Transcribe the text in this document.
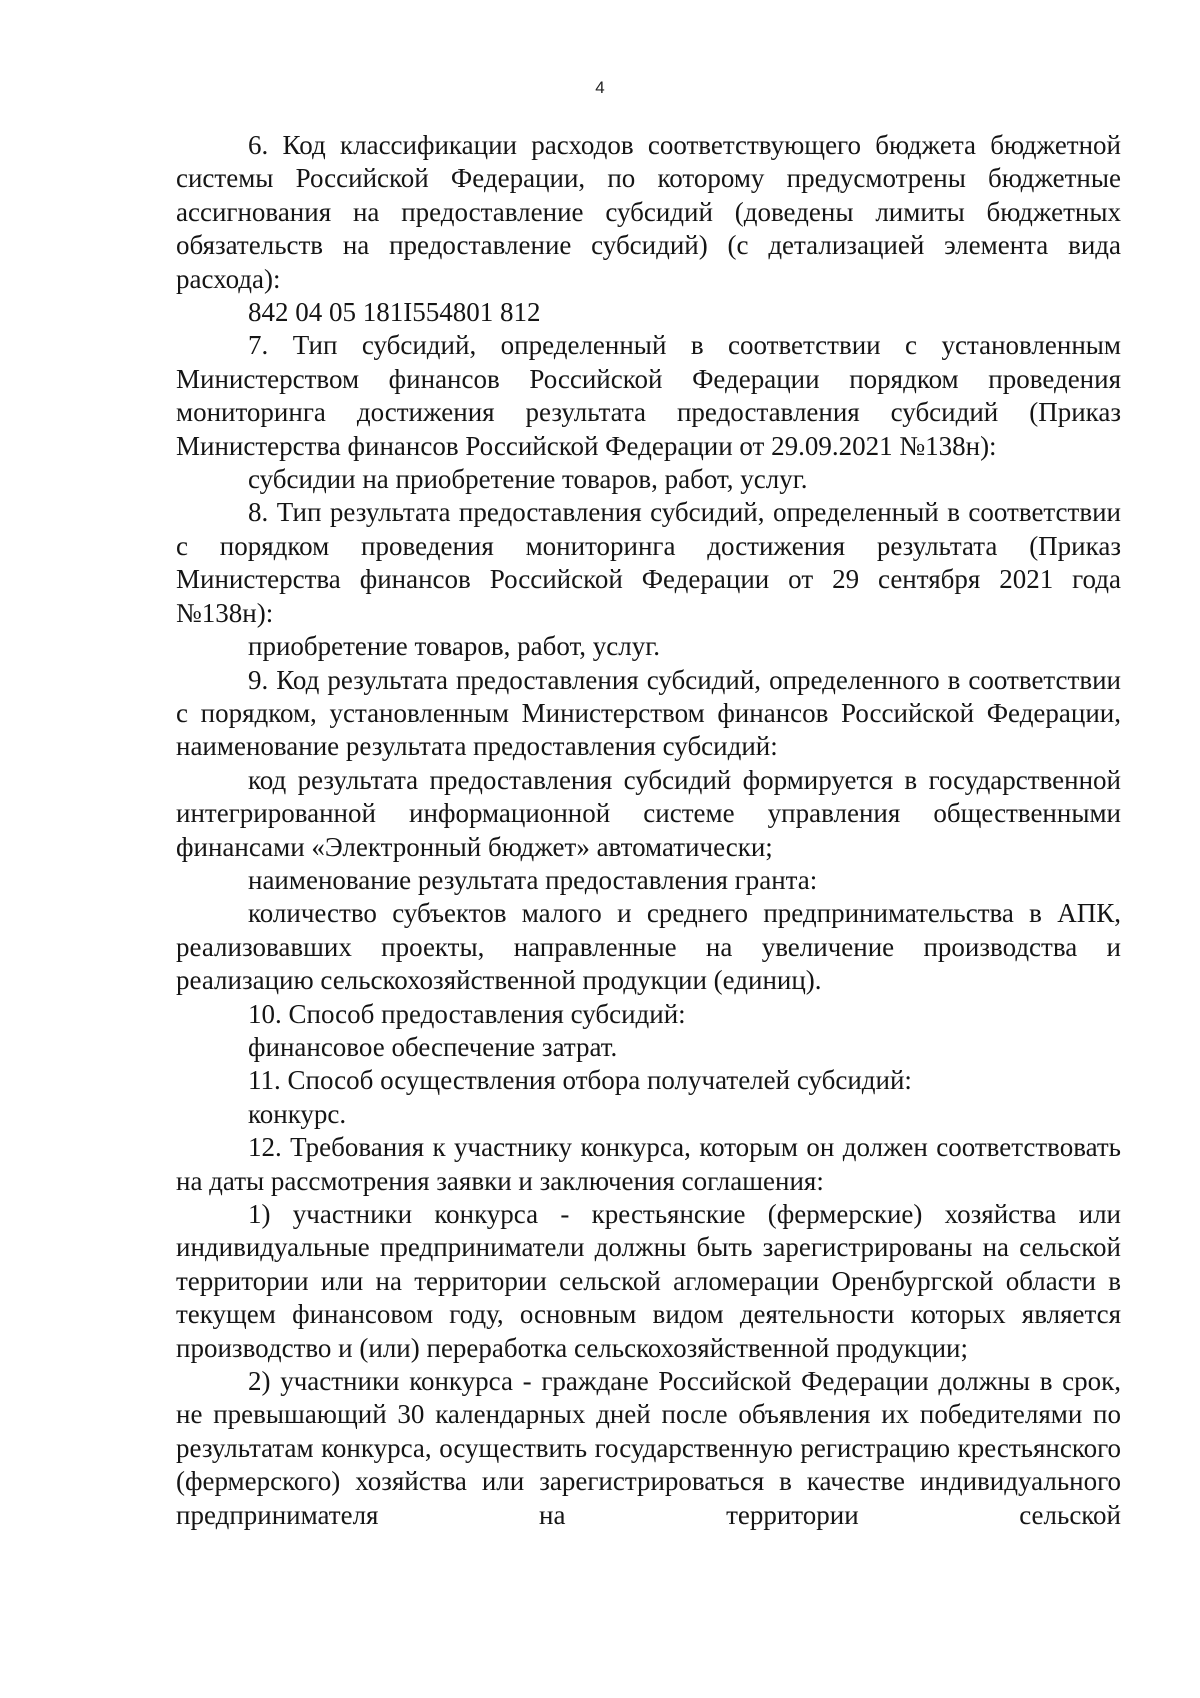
4

6. Код классификации расходов соответствующего бюджета бюджетной системы Российской Федерации, по которому предусмотрены бюджетные ассигнования на предоставление субсидий (доведены лимиты бюджетных обязательств на предоставление субсидий) (с детализацией элемента вида расхода):

842 04 05 181I554801 812

7. Тип субсидий, определенный в соответствии с установленным Министерством финансов Российской Федерации порядком проведения мониторинга достижения результата предоставления субсидий (Приказ Министерства финансов Российской Федерации от 29.09.2021 №138н):

субсидии на приобретение товаров, работ, услуг.

8. Тип результата предоставления субсидий, определенный в соответствии с порядком проведения мониторинга достижения результата (Приказ Министерства финансов Российской Федерации от 29 сентября 2021 года №138н):

приобретение товаров, работ, услуг.

9. Код результата предоставления субсидий, определенного в соответствии с порядком, установленным Министерством финансов Российской Федерации, наименование результата предоставления субсидий:

код результата предоставления субсидий формируется в государственной интегрированной информационной системе управления общественными финансами «Электронный бюджет» автоматически;

наименование результата предоставления гранта:

количество субъектов малого и среднего предпринимательства в АПК, реализовавших проекты, направленные на увеличение производства и реализацию сельскохозяйственной продукции (единиц).

10. Способ предоставления субсидий:

финансовое обеспечение затрат.

11. Способ осуществления отбора получателей субсидий:

конкурс.

12. Требования к участнику конкурса, которым он должен соответствовать на даты рассмотрения заявки и заключения соглашения:

1) участники конкурса - крестьянские (фермерские) хозяйства или индивидуальные предприниматели должны быть зарегистрированы на сельской территории или на территории сельской агломерации Оренбургской области в текущем финансовом году, основным видом деятельности которых является производство и (или) переработка сельскохозяйственной продукции;

2) участники конкурса - граждане Российской Федерации должны в срок, не превышающий 30 календарных дней после объявления их победителями по результатам конкурса, осуществить государственную регистрацию крестьянского (фермерского) хозяйства или зарегистрироваться в качестве индивидуального предпринимателя на территории сельской
